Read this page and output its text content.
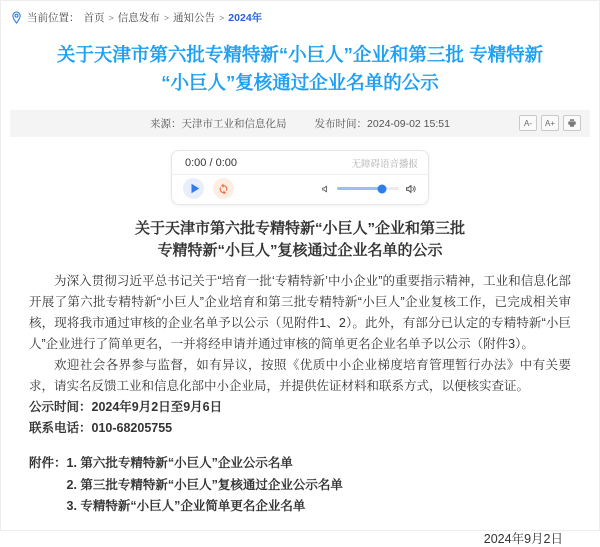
当前位置： 首页 > 信息发布 > 通知公告 > 2024年
关于天津市第六批专精特新“小巨人”企业和第三批 专精特新
“小巨人”复核通过企业名单的公示
来源：天津市工业和信息化局	发布时间：2024-09-02 15:51	A-	A+
0:00 / 0:00	无障碍语音播报
关于天津市第六批专精特新“小巨人”企业和第三批
专精特新“小巨人”复核通过企业名单的公示

为深入贯彻习近平总书记关于“培育一批‘专精特新’中小企业”的重要指示精神，工业和信息化部开展了第六批专精特新“小巨人”企业培育和第三批专精特新“小巨人”企业复核工作，已完成相关审核，现将我市通过审核的企业名单予以公示（见附件1、2）。此外，有部分已认定的专精特新“小巨人”企业进行了简单更名，一并将经申请并通过审核的简单更名企业名单予以公示（附件3）。

欢迎社会各界参与监督，如有异议，按照《优质中小企业梯度培育管理暂行办法》中有关要求，请实名反馈工业和信息化部中小企业局，并提供佐证材料和联系方式，以便核实查证。

公示时间：2024年9月2日至9月6日

联系电话：010-68205755

附件： 1. 第六批专精特新“小巨人”企业公示名单
2. 第三批专精特新“小巨人”复核通过企业公示名单
3. 专精特新“小巨人”企业简单更名企业名单
2024年9月2日
